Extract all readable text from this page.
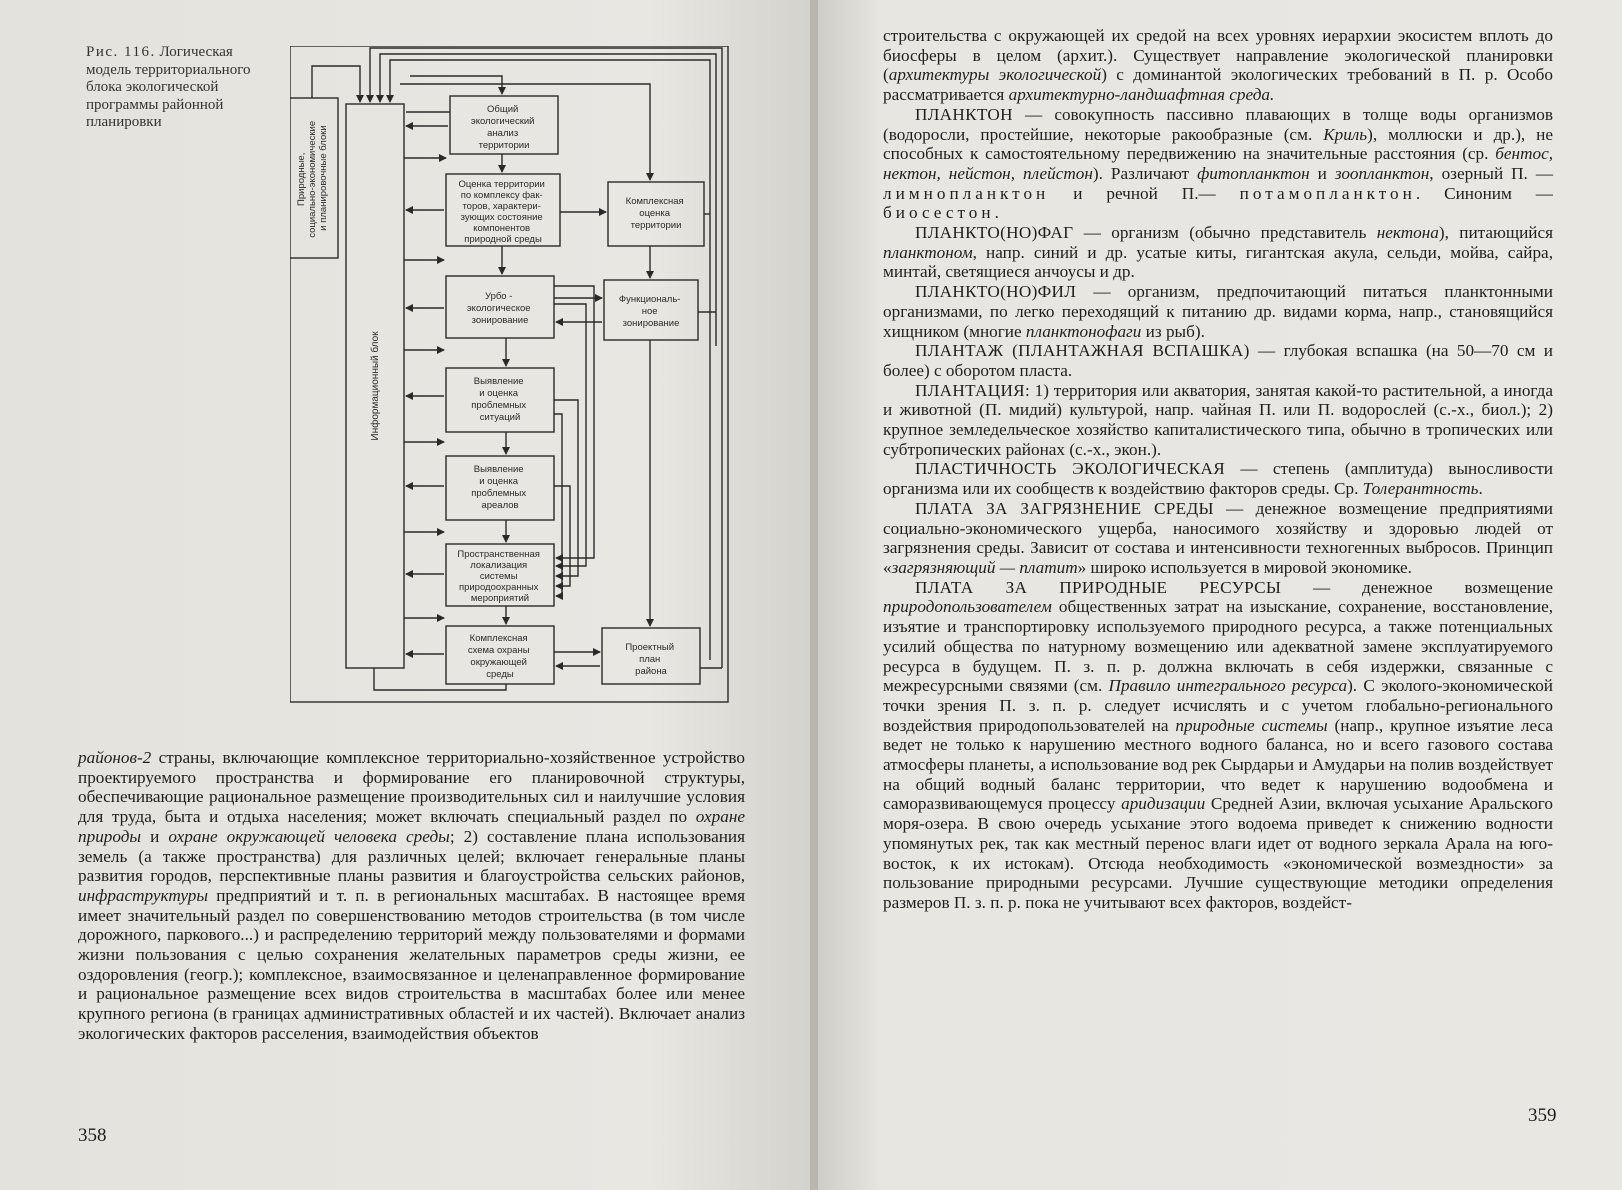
Рис. 116. Логическая модель территориального блока экологической программы районной планировки
Природные, социально-экономические и планировочные блоки
Информационный блок
Общий экологический анализ территории
Оценка территории по комплексу фак- торов, характери- зующих состояние компонентов природной среды
Комплексная оценка территории
Урбо - экологическое зонирование
Функциональ- ное зонирование
Выявление и оценка проблемных ситуаций
Выявление и оценка проблемных ареалов
Пространственная локализация системы природоохранных мероприятий
Комплексная схема охраны окружающей среды
Проектный план района

районов-2 страны, включающие комплексное территориально-хозяйственное устройство проектируемого пространства и формирование его планировочной структуры, обеспечивающие рациональное размещение производительных сил и наилучшие условия для труда, быта и отдыха населения; может включать специальный раздел по охране природы и охране окружающей человека среды; 2) составление плана использования земель (а также пространства) для различных целей; включает генеральные планы развития городов, перспективные планы развития и благоустройства сельских районов, инфраструктуры предприятий и т. п. в региональных масштабах. В настоящее время имеет значительный раздел по совершенствованию методов строительства (в том числе дорожного, паркового...) и распределению территорий между пользователями и формами жизни пользования с целью сохранения желательных параметров среды жизни, ее оздоровления (геогр.); комплексное, взаимосвязанное и целенаправленное формирование и рациональное размещение всех видов строительства в масштабах более или менее крупного региона (в границах административных областей и их частей). Включает анализ экологических факторов расселения, взаимодействия объектов

358

строительства с окружающей их средой на всех уровнях иерархии экосистем вплоть до биосферы в целом (архит.). Существует направление экологической планировки (архитектуры экологической) с доминантой экологических требований в П. р. Особо рассматривается архитектурно-ландшафтная среда.

ПЛАНКТОН — совокупность пассивно плавающих в толще воды организмов (водоросли, простейшие, некоторые ракообразные (см. Криль), моллюски и др.), не способных к самостоятельному передвижению на значительные расстояния (ср. бентос, нектон, нейстон, плейстон). Различают фитопланктон и зоопланктон, озерный П. — лимнопланктон и речной П.— потамопланктон. Синоним — биосестон.

ПЛАНКТО(НО)ФАГ — организм (обычно представитель нектона), питающийся планктоном, напр. синий и др. усатые киты, гигантская акула, сельди, мойва, сайра, минтай, светящиеся анчоусы и др.

ПЛАНКТО(НО)ФИЛ — организм, предпочитающий питаться планктонными организмами, по легко переходящий к питанию др. видами корма, напр., становящийся хищником (многие планктонофаги из рыб).

ПЛАНТАЖ (ПЛАНТАЖНАЯ ВСПАШКА) — глубокая вспашка (на 50—70 см и более) с оборотом пласта.

ПЛАНТАЦИЯ: 1) территория или акватория, занятая какой-то растительной, а иногда и животной (П. мидий) культурой, напр. чайная П. или П. водорослей (с.-х., биол.); 2) крупное земледельческое хозяйство капиталистического типа, обычно в тропических или субтропических районах (с.-х., экон.).

ПЛАСТИЧНОСТЬ ЭКОЛОГИЧЕСКАЯ — степень (амплитуда) выносливости организма или их сообществ к воздействию факторов среды. Ср. Толерантность.

ПЛАТА ЗА ЗАГРЯЗНЕНИЕ СРЕДЫ — денежное возмещение предприятиями социально-экономического ущерба, наносимого хозяйству и здоровью людей от загрязнения среды. Зависит от состава и интенсивности техногенных выбросов. Принцип «загрязняющий — платит» широко используется в мировой экономике.

ПЛАТА ЗА ПРИРОДНЫЕ РЕСУРСЫ — денежное возмещение природопользователем общественных затрат на изыскание, сохранение, восстановление, изъятие и транспортировку используемого природного ресурса, а также потенциальных усилий общества по натурному возмещению или адекватной замене эксплуатируемого ресурса в будущем. П. з. п. р. должна включать в себя издержки, связанные с межресурсными связями (см. Правило интегрального ресурса). С эколого-экономической точки зрения П. з. п. р. следует исчислять и с учетом глобально-регионального воздействия природопользователей на природные системы (напр., крупное изъятие леса ведет не только к нарушению местного водного баланса, но и всего газового состава атмосферы планеты, а использование вод рек Сырдарьи и Амударьи на полив воздействует на общий водный баланс территории, что ведет к нарушению водообмена и саморазвивающемуся процессу аридизации Средней Азии, включая усыхание Аральского моря-озера. В свою очередь усыхание этого водоема приведет к снижению водности упомянутых рек, так как местный перенос влаги идет от водного зеркала Арала на юго-восток, к их истокам). Отсюда необходимость «экономической возмездности» за пользование природными ресурсами. Лучшие существующие методики определения размеров П. з. п. р. пока не учитывают всех факторов, воздейст-

359
